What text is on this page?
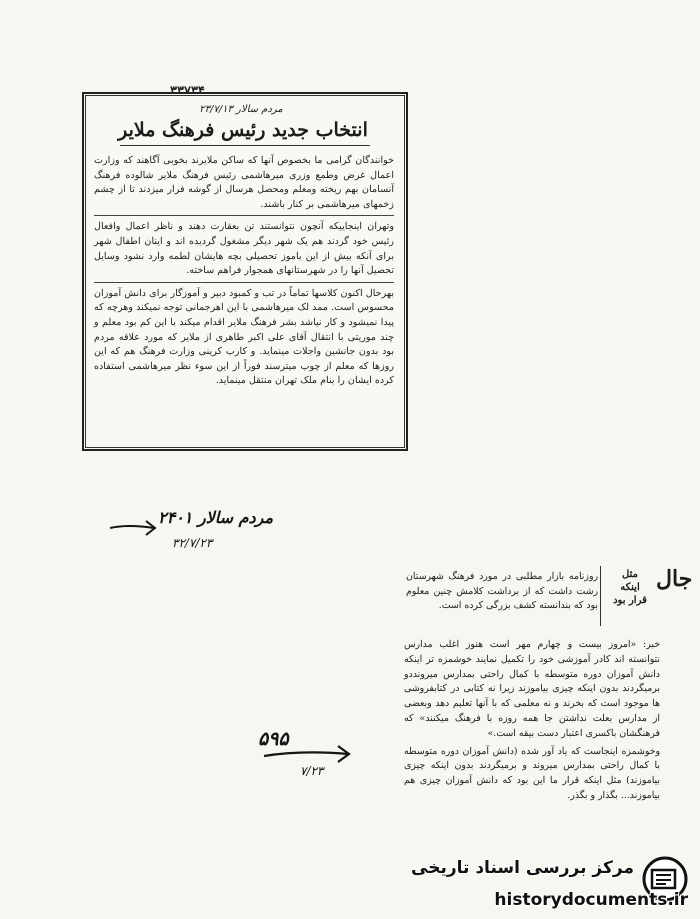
مردم سالار ۲۳/۷/۱۳
انتخاب جدید رئیس فرهنگ ملایر

خوانندگان گرامی ما بخصوص آنها که ساکن ملایرند بخوبی آگاهند که وزارت اعمال غرض وطمع وزری میرهاشمی رئیس فرهنگ ملایر شالوده فرهنگ آنسامان بهم ریخته ومعلم ومحصل هرسال از گوشه فرار میزدند تا از چشم زخمهای میرهاشمی بر کنار باشند.

وتهران اینجاییکه آنچون نتوانستند تن بعقارت دهند و ناظر اعمال وافعال رئیس خود گردند هم یک شهر دیگر مشغول گردیده اند و اینان اطفال شهر برای آنکه بیش از این باموز تحصیلی بچه هایشان لطمه وارد نشود وسایل تحصیل آنها را در شهرستانهای همجوار فراهم ساخته.

بهرحال اکنون کلاسها تماماً در تب و کمبود دبیر و آموزگار برای دانش آموزان محسوس است. ممد لک میرهاشمی با این اهرجمانی توجه نمیکند وهرچه که پیدا نمیشود و کار نیاشد بشر فرهنگ ملایر اقدام میکند با این کم بود معلم و چند موریتی با انتقال آقای علی اکبر طاهری از ملایر که مورد علاقه مردم بود بدون جانشین واجلات مینماید. و کارب کرینی وزارت فرهنگ هم که این روزها که معلم از چوب میترسند فوراً از این سوء نظر میرهاشمی استفاده کرده ایشان را بنام ملک تهران منتقل مینماید.

مردم سالار ۲۴۰۱
۳۲/۷/۲۳
۵۹۵
۷/۲۳
جال
مثل
اینکه
قرار بود
روزنامه بازار مطلبی در مورد فرهنگ شهرستان رشت داشت که از برداشت کلامش چنین معلوم بود که بندانسته کشف بزرگی کرده است.

خبر: «امروز بیست و چهارم مهر است هنوز اغلب مدارس نتوانسته اند کادر آموزشی خود را تکمیل نمایند خوشمزه تر اینکه دانش آموزان دوره متوسطه با کمال راحتی بمدارس میرونددو برمیگردند بدون اینکه چیزی بیاموزند زیرا نه کتابی در کتابفروشی ها موجود است که بخرند و نه معلمی که با آنها تعلیم دهد وبعضی از مدارس بعلت نداشتن جا همه روزه با فرهنگ میکنند» که فرهنگشان باکسری اعتبار دست بیقه است.»

وخوشمزه اینجاست که یاد آور شده (دانش آموزان دوره متوسطه با کمال راحتی بمدارس میروند و برمیگردند بدون اینکه چیزی بیاموزند) مثل اینکه قرار ما این بود که دانش آموزان چیزی هم بیاموزند... بگذار و بگذر.

مرکز بررسی اسناد تاریخی
historydocuments.ir
